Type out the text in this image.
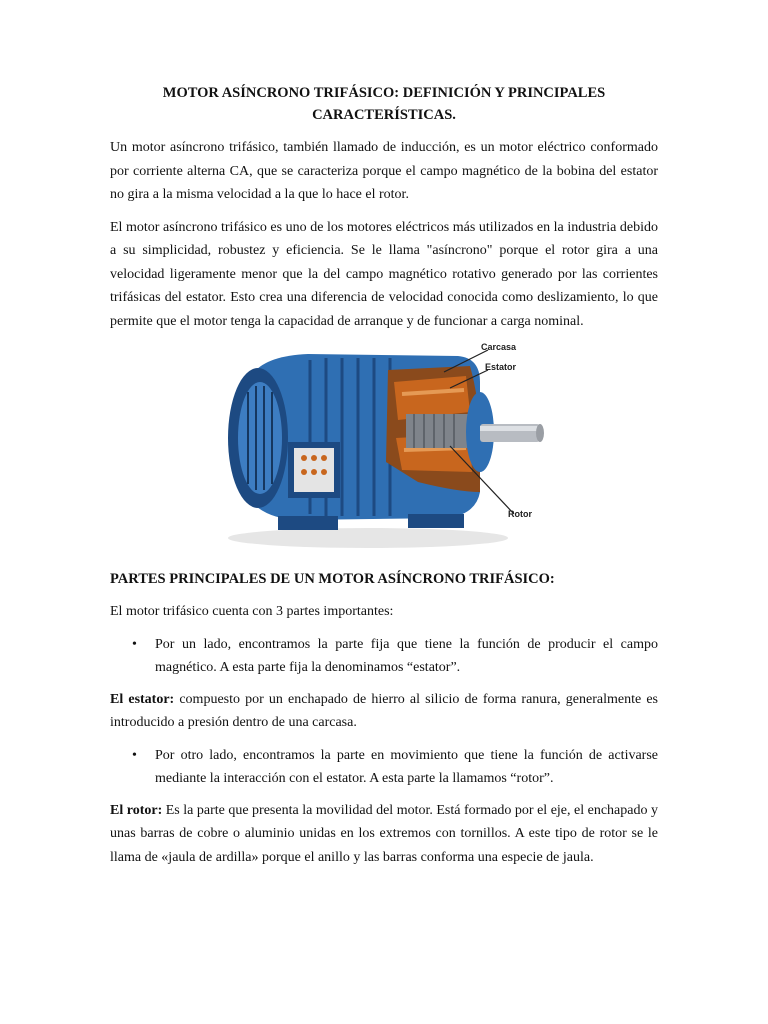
MOTOR ASÍNCRONO TRIFÁSICO: DEFINICIÓN Y PRINCIPALES
CARACTERÍSTICAS.

Un motor asíncrono trifásico, también llamado de inducción, es un motor eléctrico conformado por corriente alterna CA, que se caracteriza porque el campo magnético de la bobina del estator no gira a la misma velocidad a la que lo hace el rotor.

El motor asíncrono trifásico es uno de los motores eléctricos más utilizados en la industria debido a su simplicidad, robustez y eficiencia. Se le llama "asíncrono" porque el rotor gira a una velocidad ligeramente menor que la del campo magnético rotativo generado por las corrientes trifásicas del estator. Esto crea una diferencia de velocidad conocida como deslizamiento, lo que permite que el motor tenga la capacidad de arranque y de funcionar a carga nominal.

Carcasa
Estator
Rotor
PARTES PRINCIPALES DE UN MOTOR ASÍNCRONO TRIFÁSICO:

El motor trifásico cuenta con 3 partes importantes:

• Por un lado, encontramos la parte fija que tiene la función de producir el campo magnético. A esta parte fija la denominamos “estator”.

El estator: compuesto por un enchapado de hierro al silicio de forma ranura, generalmente es introducido a presión dentro de una carcasa.

• Por otro lado, encontramos la parte en movimiento que tiene la función de activarse mediante la interacción con el estator. A esta parte la llamamos “rotor”.

El rotor: Es la parte que presenta la movilidad del motor. Está formado por el eje, el enchapado y unas barras de cobre o aluminio unidas en los extremos con tornillos. A este tipo de rotor se le llama de «jaula de ardilla» porque el anillo y las barras conforma una especie de jaula.
